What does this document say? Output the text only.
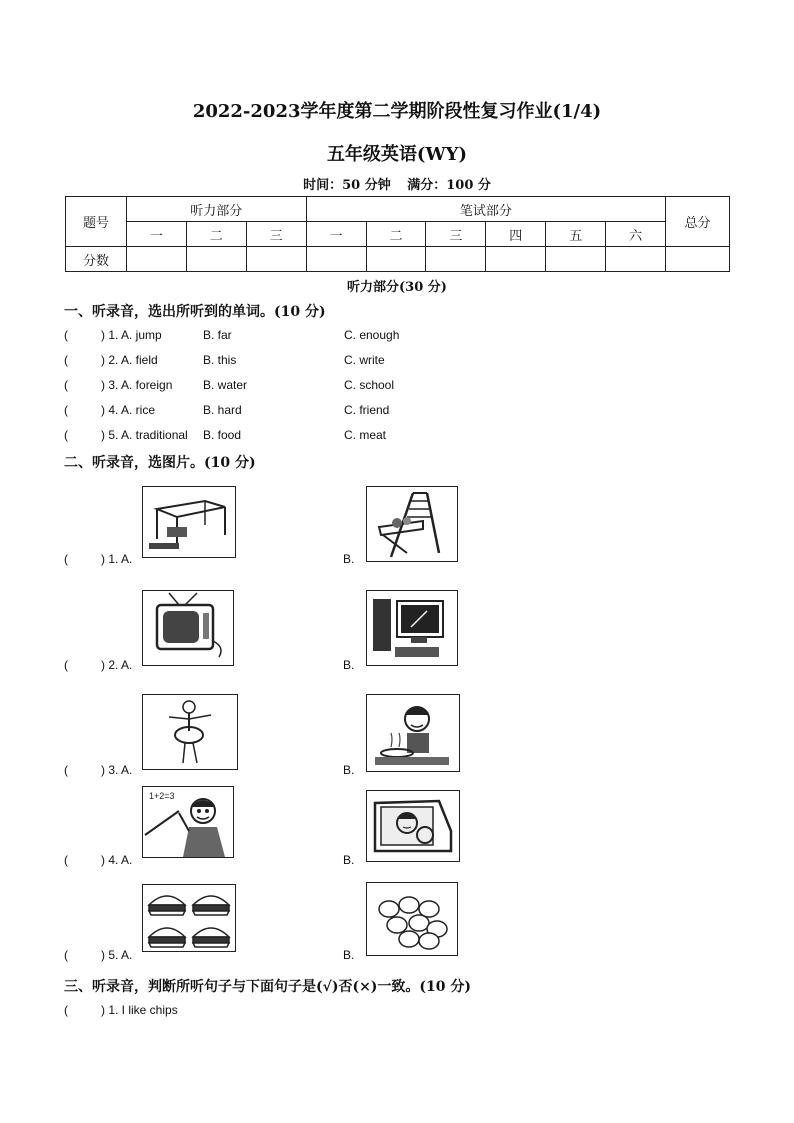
2022-2023学年度第二学期阶段性复习作业(1/4)
五年级英语(WY)
时间：50 分钟 满分：100 分
题号	听力部分			笔试部分						总分
	一	二	三	一	二	三	四	五	六	
分数										
听力部分(30 分)
一、听录音，选出所听到的单词。(10 分)
( ) 1. A. jump	B. far	C. enough
( ) 2. A. field	B. this	C. write
( ) 3. A. foreign	B. water	C. school
( ) 4. A. rice	B. hard	C. friend
( ) 5. A. traditional B. food	C. meat
二、听录音，选图片。(10 分)
( ) 1. A.	B.
( ) 2. A.	B.
( ) 3. A.	B.
1+2=3
( ) 4. A.	B.
( ) 5. A.	B.
三、听录音，判断所听句子与下面句子是(√)否(×)一致。(10 分)
( ) 1. I like chips
